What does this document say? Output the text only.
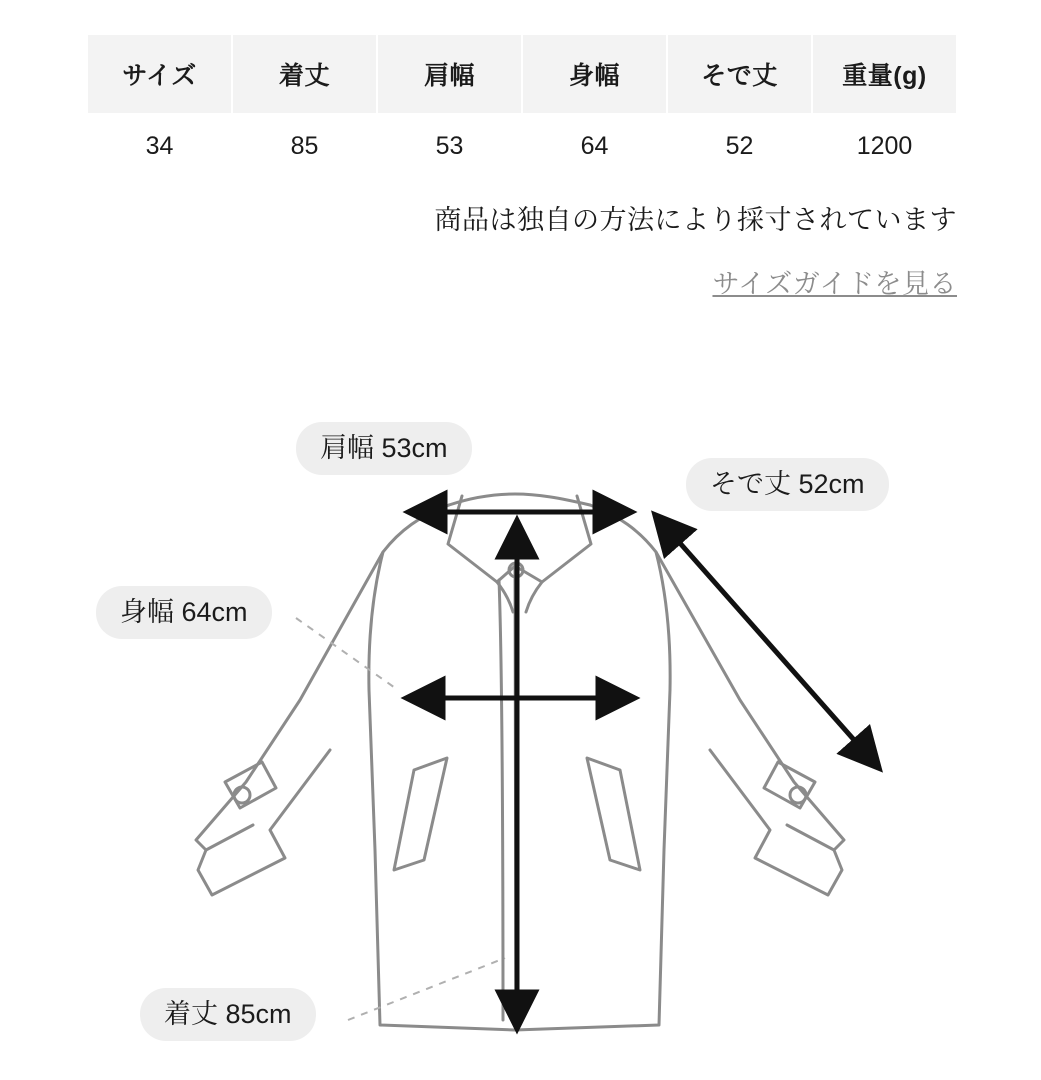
サイズ	着丈	肩幅	身幅	そで丈	重量(g)
34	85	53	64	52	1200
商品は独自の方法により採寸されています
サイズガイドを見る
肩幅 53cm
そで丈 52cm
身幅 64cm
着丈 85cm
